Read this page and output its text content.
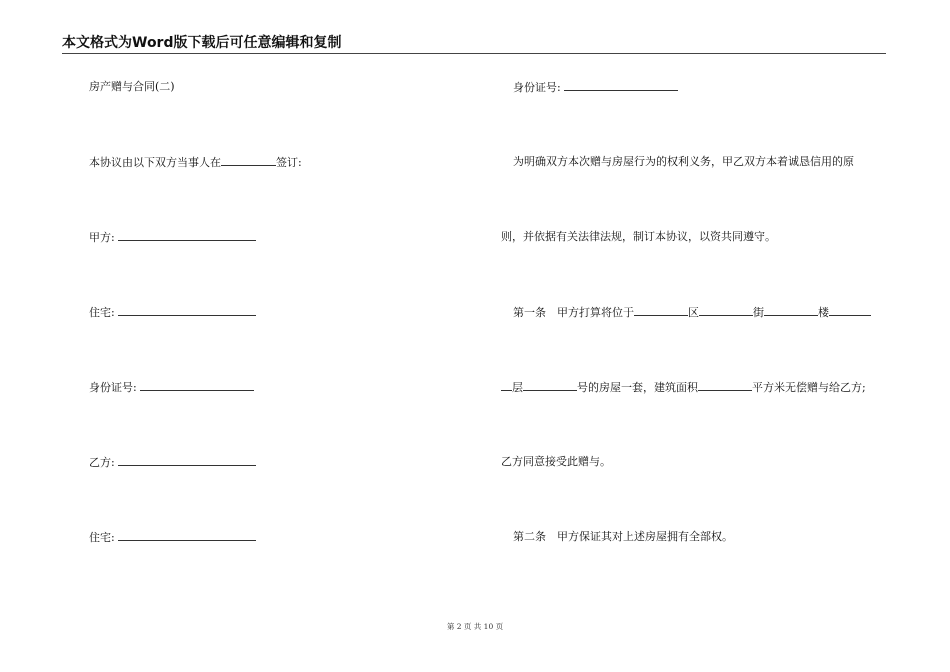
本文格式为Word版下载后可任意编辑和复制
房产赠与合同(二)
本协议由以下双方当事人在	签订:
甲方:
住宅:
身份证号:
乙方:
住宅:
身份证号:
为明确双方本次赠与房屋行为的权利义务，甲乙双方本着诚恳信用的原
则，并依据有关法律法规，制订本协议，以资共同遵守。
第一条　甲方打算将位于	区	街	楼
层	号的房屋一套，建筑面积	平方米无偿赠与给乙方;
乙方同意接受此赠与。
第二条　甲方保证其对上述房屋拥有全部权。
第 2 页 共 10 页
